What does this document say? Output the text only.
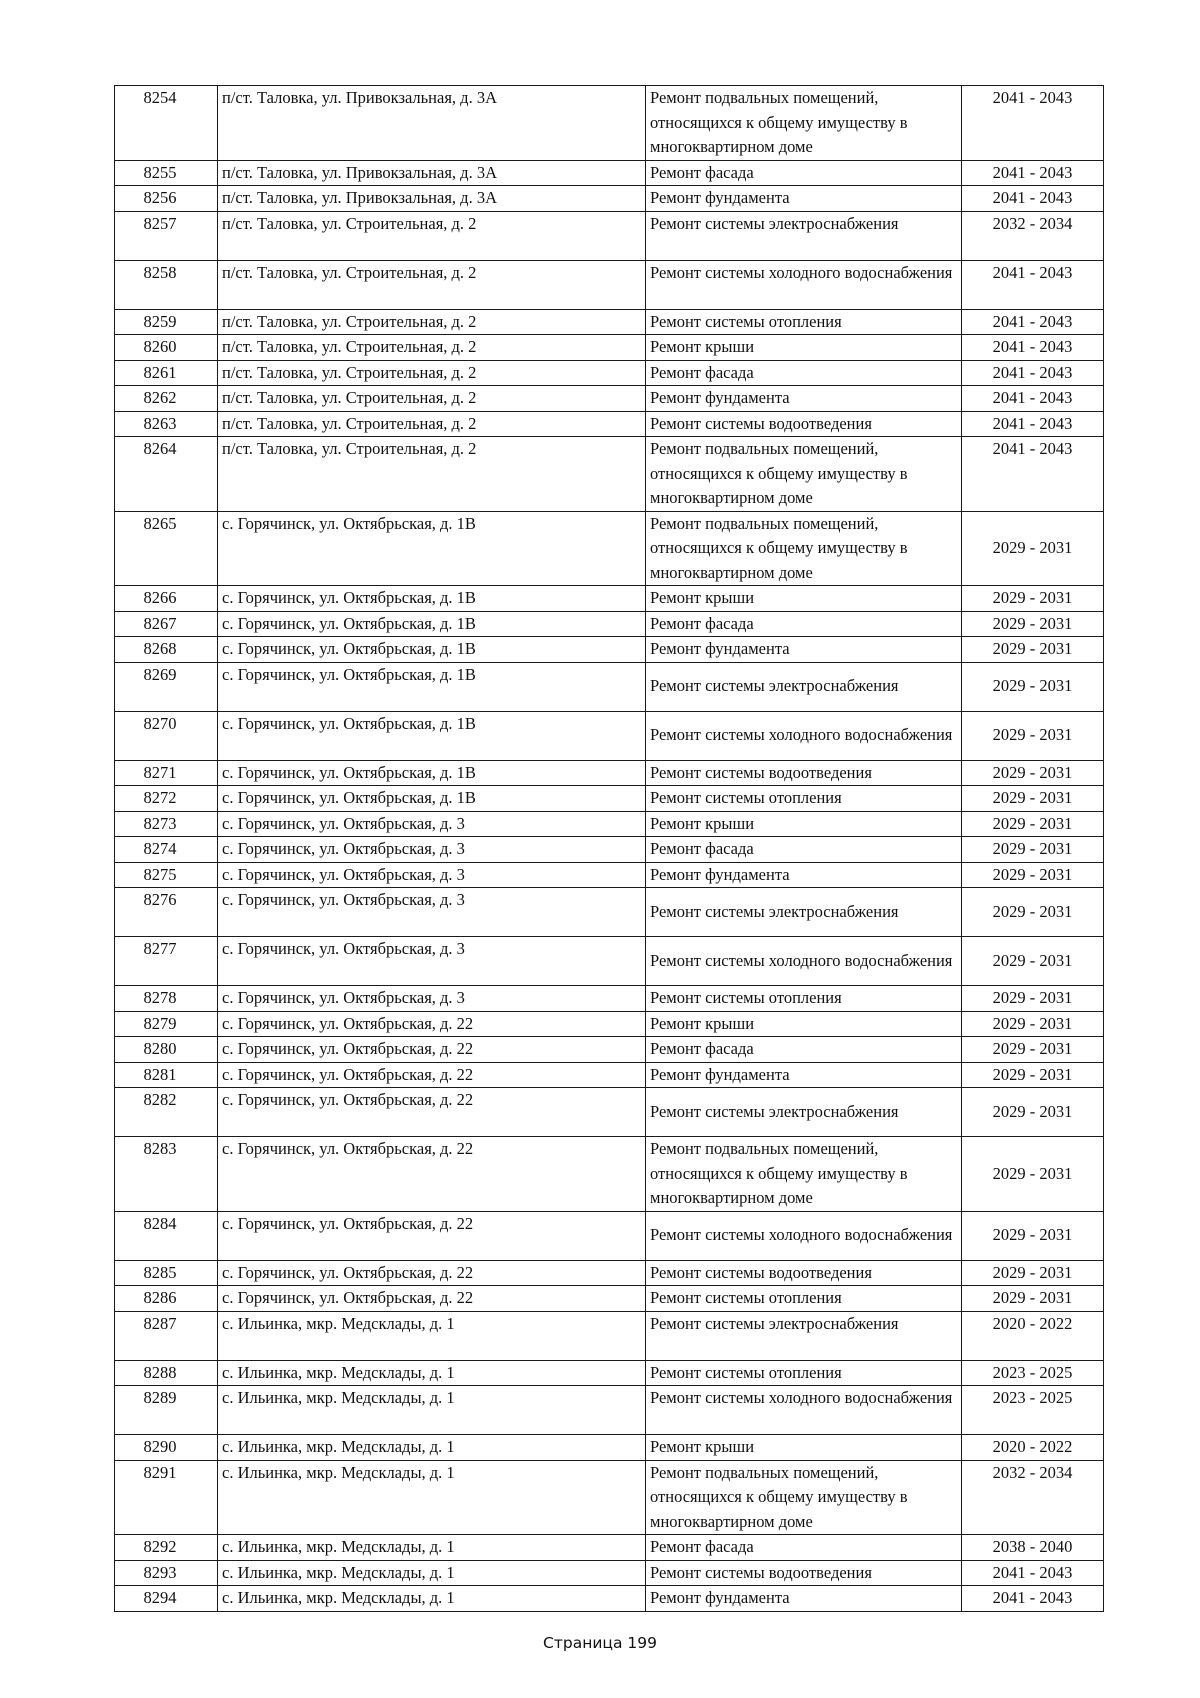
8254	п/ст. Таловка, ул. Привокзальная, д. 3А	Ремонт подвальных помещений, относящихся к общему имуществу в многоквартирном доме	2041 - 2043
8255	п/ст. Таловка, ул. Привокзальная, д. 3А	Ремонт фасада	2041 - 2043
8256	п/ст. Таловка, ул. Привокзальная, д. 3А	Ремонт фундамента	2041 - 2043
8257	п/ст. Таловка, ул. Строительная, д. 2	Ремонт системы электроснабжения	2032 - 2034
8258	п/ст. Таловка, ул. Строительная, д. 2	Ремонт системы холодного водоснабжения	2041 - 2043
8259	п/ст. Таловка, ул. Строительная, д. 2	Ремонт системы отопления	2041 - 2043
8260	п/ст. Таловка, ул. Строительная, д. 2	Ремонт крыши	2041 - 2043
8261	п/ст. Таловка, ул. Строительная, д. 2	Ремонт фасада	2041 - 2043
8262	п/ст. Таловка, ул. Строительная, д. 2	Ремонт фундамента	2041 - 2043
8263	п/ст. Таловка, ул. Строительная, д. 2	Ремонт системы водоотведения	2041 - 2043
8264	п/ст. Таловка, ул. Строительная, д. 2	Ремонт подвальных помещений, относящихся к общему имуществу в многоквартирном доме	2041 - 2043
8265	с. Горячинск, ул. Октябрьская, д. 1В	Ремонт подвальных помещений, относящихся к общему имуществу в многоквартирном доме	2029 - 2031
8266	с. Горячинск, ул. Октябрьская, д. 1В	Ремонт крыши	2029 - 2031
8267	с. Горячинск, ул. Октябрьская, д. 1В	Ремонт фасада	2029 - 2031
8268	с. Горячинск, ул. Октябрьская, д. 1В	Ремонт фундамента	2029 - 2031
8269	с. Горячинск, ул. Октябрьская, д. 1В	Ремонт системы электроснабжения	2029 - 2031
8270	с. Горячинск, ул. Октябрьская, д. 1В	Ремонт системы холодного водоснабжения	2029 - 2031
8271	с. Горячинск, ул. Октябрьская, д. 1В	Ремонт системы водоотведения	2029 - 2031
8272	с. Горячинск, ул. Октябрьская, д. 1В	Ремонт системы отопления	2029 - 2031
8273	с. Горячинск, ул. Октябрьская, д. 3	Ремонт крыши	2029 - 2031
8274	с. Горячинск, ул. Октябрьская, д. 3	Ремонт фасада	2029 - 2031
8275	с. Горячинск, ул. Октябрьская, д. 3	Ремонт фундамента	2029 - 2031
8276	с. Горячинск, ул. Октябрьская, д. 3	Ремонт системы электроснабжения	2029 - 2031
8277	с. Горячинск, ул. Октябрьская, д. 3	Ремонт системы холодного водоснабжения	2029 - 2031
8278	с. Горячинск, ул. Октябрьская, д. 3	Ремонт системы отопления	2029 - 2031
8279	с. Горячинск, ул. Октябрьская, д. 22	Ремонт крыши	2029 - 2031
8280	с. Горячинск, ул. Октябрьская, д. 22	Ремонт фасада	2029 - 2031
8281	с. Горячинск, ул. Октябрьская, д. 22	Ремонт фундамента	2029 - 2031
8282	с. Горячинск, ул. Октябрьская, д. 22	Ремонт системы электроснабжения	2029 - 2031
8283	с. Горячинск, ул. Октябрьская, д. 22	Ремонт подвальных помещений, относящихся к общему имуществу в многоквартирном доме	2029 - 2031
8284	с. Горячинск, ул. Октябрьская, д. 22	Ремонт системы холодного водоснабжения	2029 - 2031
8285	с. Горячинск, ул. Октябрьская, д. 22	Ремонт системы водоотведения	2029 - 2031
8286	с. Горячинск, ул. Октябрьская, д. 22	Ремонт системы отопления	2029 - 2031
8287	с. Ильинка, мкр. Медсклады, д. 1	Ремонт системы электроснабжения	2020 - 2022
8288	с. Ильинка, мкр. Медсклады, д. 1	Ремонт системы отопления	2023 - 2025
8289	с. Ильинка, мкр. Медсклады, д. 1	Ремонт системы холодного водоснабжения	2023 - 2025
8290	с. Ильинка, мкр. Медсклады, д. 1	Ремонт крыши	2020 - 2022
8291	с. Ильинка, мкр. Медсклады, д. 1	Ремонт подвальных помещений, относящихся к общему имуществу в многоквартирном доме	2032 - 2034
8292	с. Ильинка, мкр. Медсклады, д. 1	Ремонт фасада	2038 - 2040
8293	с. Ильинка, мкр. Медсклады, д. 1	Ремонт системы водоотведения	2041 - 2043
8294	с. Ильинка, мкр. Медсклады, д. 1	Ремонт фундамента	2041 - 2043
Страница 199
